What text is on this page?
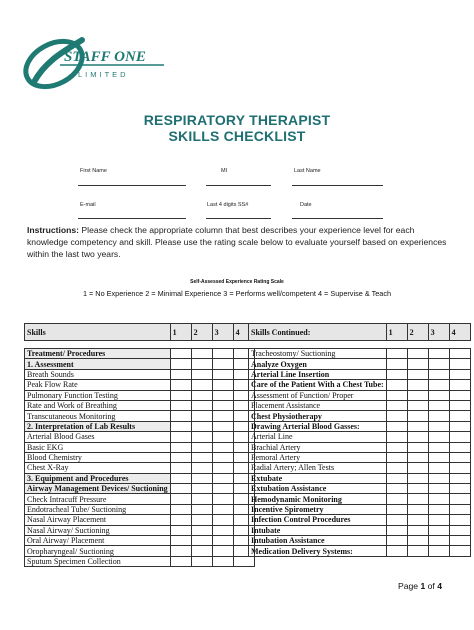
STAFF ONE
LIMITED
RESPIRATORY THERAPIST
SKILLS CHECKLIST
First Name	MI	Last Name
E-mail	Last 4 digits SS#	Date
Instructions: Please check the appropriate column that best describes your experience level for each knowledge competency and skill. Please use the rating scale below to evaluate yourself based on experiences within the last two years.
Self-Assessed Experience Rating Scale
1 = No Experience 2 = Minimal Experience 3 = Performs well/competent 4 = Supervise & Teach
Skills	1	2	3	4

Treatment/ Procedures				
1. Assessment				
Breath Sounds				
Peak Flow Rate				
Pulmonary Function Testing				
Rate and Work of Breathing				
Transcutaneous Monitoring				
2. Interpretation of Lab Results				
Arterial Blood Gases				
Basic EKG				
Blood Chemistry				
Chest X-Ray				
3. Equipment and Procedures				
Airway Management Devices/ Suctioning				
Check Intracuff Pressure				
Endotracheal Tube/ Suctioning				
Nasal Airway Placement				
Nasal Airway/ Suctioning				
Oral Airway/ Placement				
Oropharyngeal/ Suctioning				
Sputum Specimen Collection				
Skills Continued:	1	2	3	4

Tracheostomy/ Suctioning				
Analyze Oxygen				
Arterial Line Insertion				
Care of the Patient With a Chest Tube:				
Assessment of Function/ Proper				
Placement Assistance				
Chest Physiotherapy				
Drawing Arterial Blood Gasses:				
Arterial Line				
Brachial Artery				
Femoral Artery				
Radial Artery; Allen Tests				
Extubate				
Extubation Assistance				
Hemodynamic Monitoring				
Incentive Spirometry				
Infection Control Procedures				
Intubate				
Intubation Assistance				
Medication Delivery Systems:				
Page 1 of 4
